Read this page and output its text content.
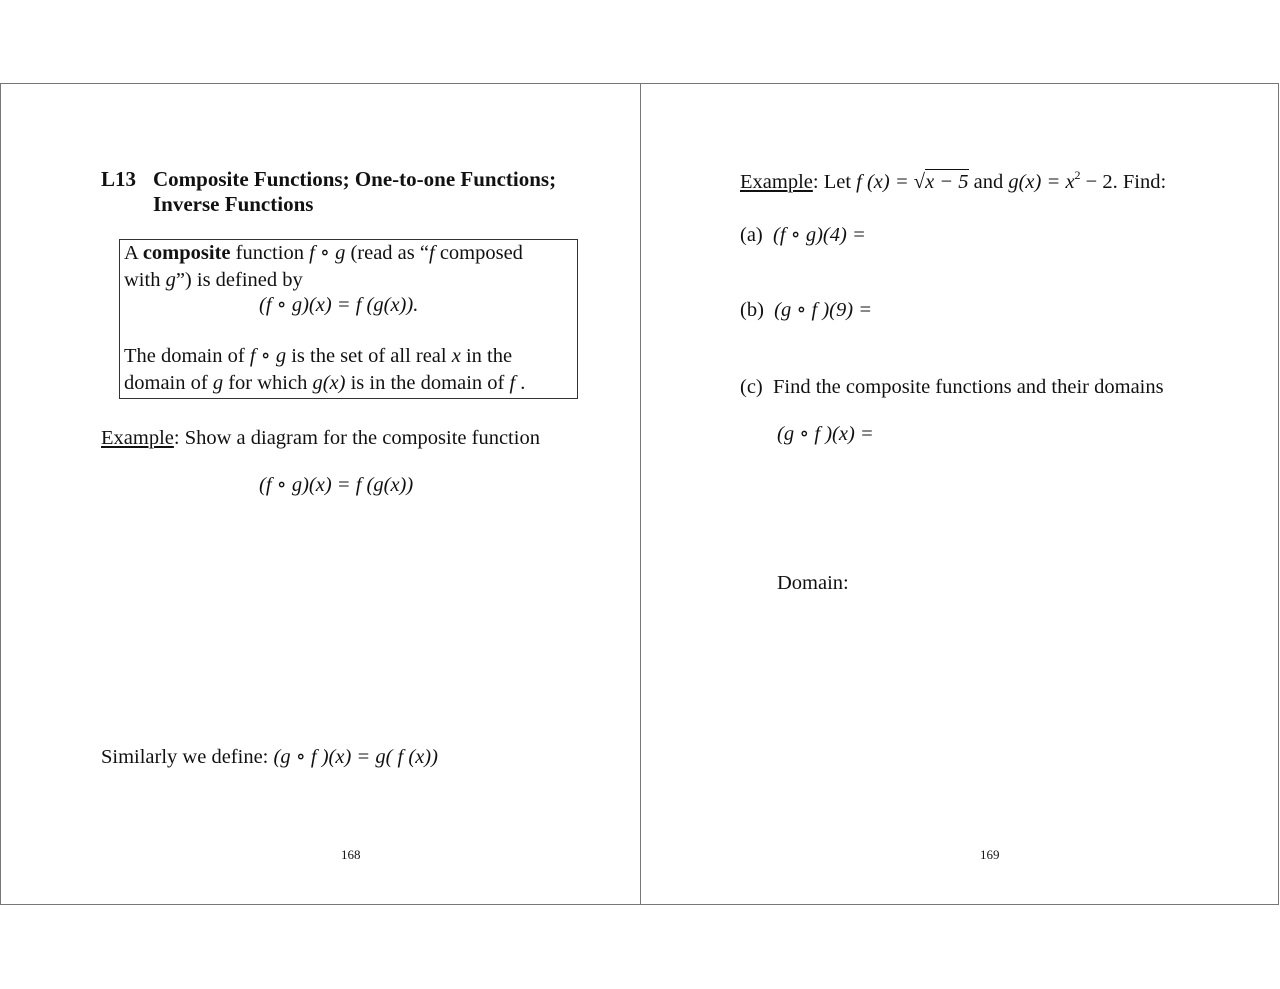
L13 Composite Functions; One-to-one Functions;
Inverse Functions
A composite function f ∘ g (read as “f composed
with g”) is defined by
(f ∘ g)(x) = f (g(x)).
The domain of f ∘ g is the set of all real x in the
domain of g for which g(x) is in the domain of f .
Example: Show a diagram for the composite function
(f ∘ g)(x) = f (g(x))
Similarly we define: (g ∘ f )(x) = g( f (x))
168
Example: Let f (x) = √x − 5 and $g(x) = x^2 - 2$. Find:
(a) (f ∘ g)(4) =
(b) (g ∘ f )(9) =
(c) Find the composite functions and their domains
(g ∘ f )(x) =
Domain:
169
